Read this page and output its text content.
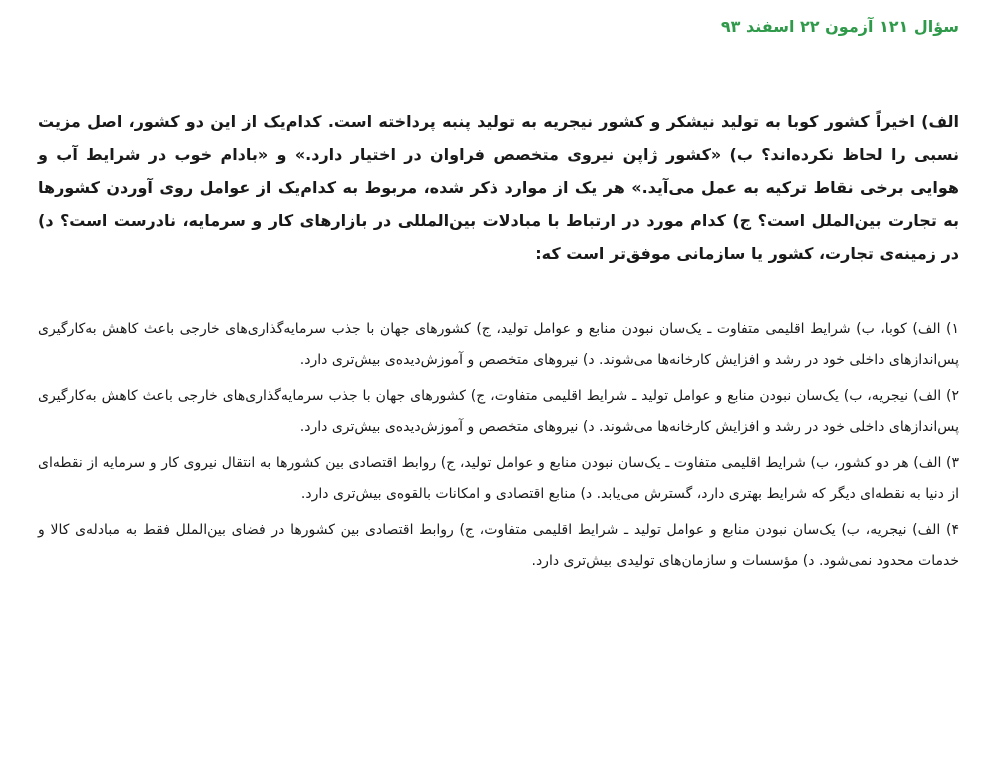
سؤال ۱۲۱ آزمون ۲۲ اسفند ۹۳
الف) اخیراً کشور کوبا به تولید نیشکر و کشور نیجریه به تولید پنبه پرداخته است. کدام‌یک از این دو کشور، اصل مزیت نسبی را لحاظ نکرده‌اند؟ ب) «کشور ژاپن نیروی متخصص فراوان در اختیار دارد.» و «بادام خوب در شرایط آب و هوایی برخی نقاط ترکیه به عمل می‌آید.» هر یک از موارد ذکر شده، مربوط به کدام‌یک از عوامل روی آوردن کشورها به تجارت بین‌الملل است؟ ج) کدام مورد در ارتباط با مبادلات بین‌المللی در بازارهای کار و سرمایه، نادرست است؟ د) در زمینه‌ی تجارت، کشور یا سازمانی موفق‌تر است که:
۱) الف) کوبا، ب) شرایط اقلیمی متفاوت ـ یک‌سان نبودن منابع و عوامل تولید، ج) کشورهای جهان با جذب سرمایه‌گذاری‌های خارجی باعث کاهش به‌کارگیری پس‌اندازهای داخلی خود در رشد و افزایش کارخانه‌ها می‌شوند. د) نیروهای متخصص و آموزش‌دیده‌ی بیش‌تری دارد.
۲) الف) نیجریه، ب) یک‌سان نبودن منابع و عوامل تولید ـ شرایط اقلیمی متفاوت، ج) کشورهای جهان با جذب سرمایه‌گذاری‌های خارجی باعث کاهش به‌کارگیری پس‌اندازهای داخلی خود در رشد و افزایش کارخانه‌ها می‌شوند. د) نیروهای متخصص و آموزش‌دیده‌ی بیش‌تری دارد.
۳) الف) هر دو کشور، ب) شرایط اقلیمی متفاوت ـ یک‌سان نبودن منابع و عوامل تولید، ج) روابط اقتصادی بین کشورها به انتقال نیروی کار و سرمایه از نقطه‌ای از دنیا به نقطه‌ای دیگر که شرایط بهتری دارد، گسترش می‌یابد. د) منابع اقتصادی و امکانات بالقوه‌ی بیش‌تری دارد.
۴) الف) نیجریه، ب) یک‌سان نبودن منابع و عوامل تولید ـ شرایط اقلیمی متفاوت، ج) روابط اقتصادی بین کشورها در فضای بین‌الملل فقط به مبادله‌ی کالا و خدمات محدود نمی‌شود. د) مؤسسات و سازمان‌های تولیدی بیش‌تری دارد.
